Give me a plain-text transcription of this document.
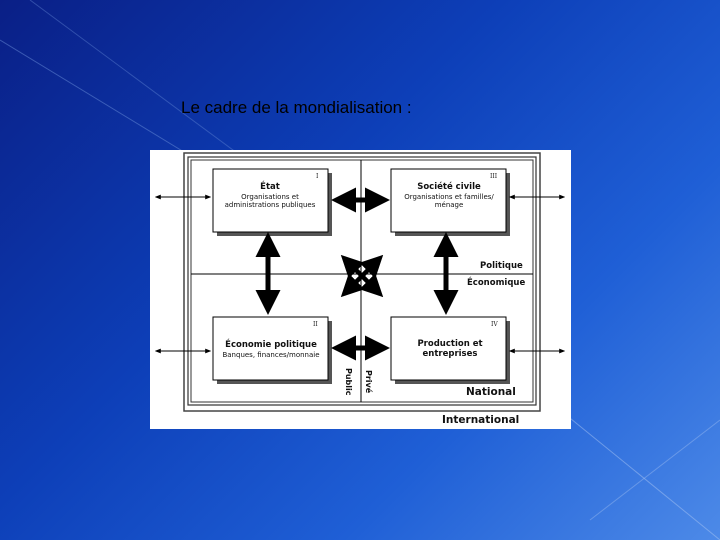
Le cadre de la mondialisation :
I	III
II	IV
État
Organisations et administrations publiques
Société civile
Organisations et familles/ ménage
Économie politique
Banques, finances/monnaie
Production et entreprises
Politique
Économique
Public Privé	National
International
